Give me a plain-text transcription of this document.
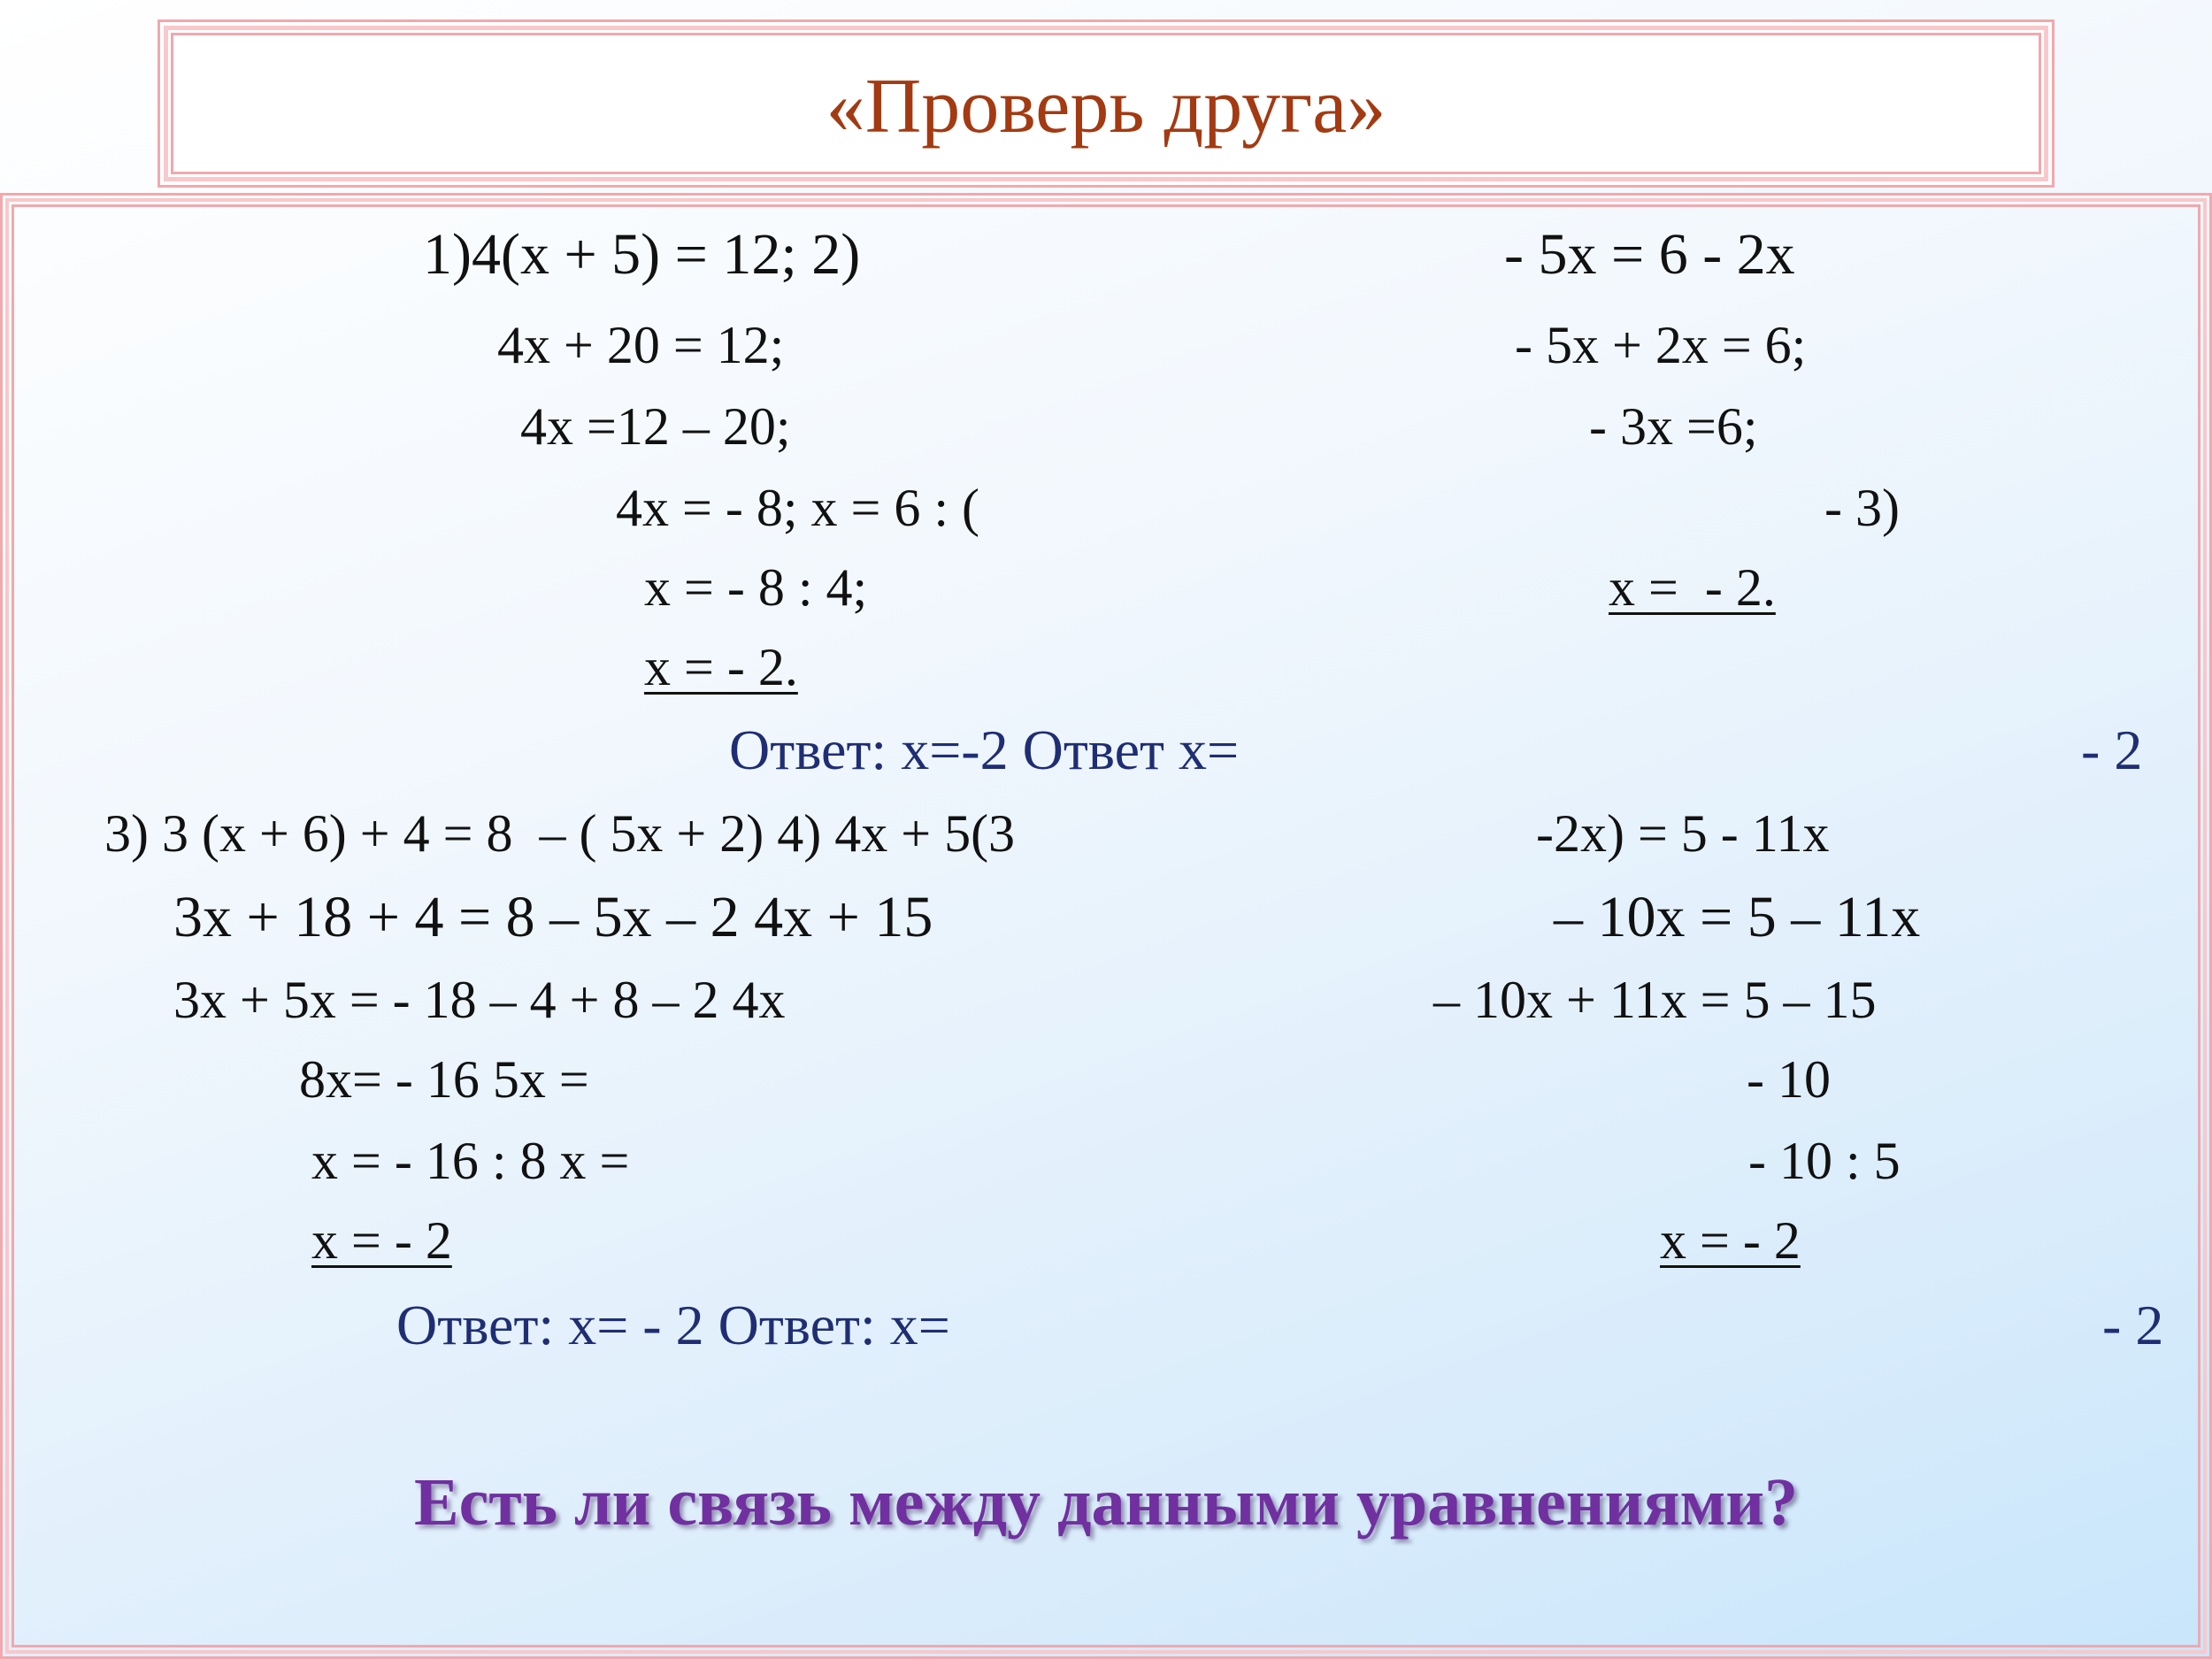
«Проверь друга»
1)4(х + 5) = 12; 2)	- 5х = 6 - 2х
4х + 20 = 12;	- 5х + 2х = 6;
4х =12 – 20;	- 3х =6;
4х = - 8; х = 6 : (	- 3)
х = - 8 : 4;	х =  - 2.
х = - 2.
Ответ: х=-2 Ответ х=	- 2
3) 3 (х + 6) + 4 = 8  – ( 5х + 2) 4) 4х + 5(3	-2х) = 5 - 11х
3х + 18 + 4 = 8 – 5х – 2 4х + 15	– 10х = 5 – 11х
3х + 5х = - 18 – 4 + 8 – 2 4х	– 10х + 11х = 5 – 15
8х= - 16 5х =	- 10
х = - 16 : 8 х =	- 10 : 5
х = - 2	х = - 2
Ответ: х= - 2 Ответ: х=	- 2
Есть ли связь между данными уравнениями?
